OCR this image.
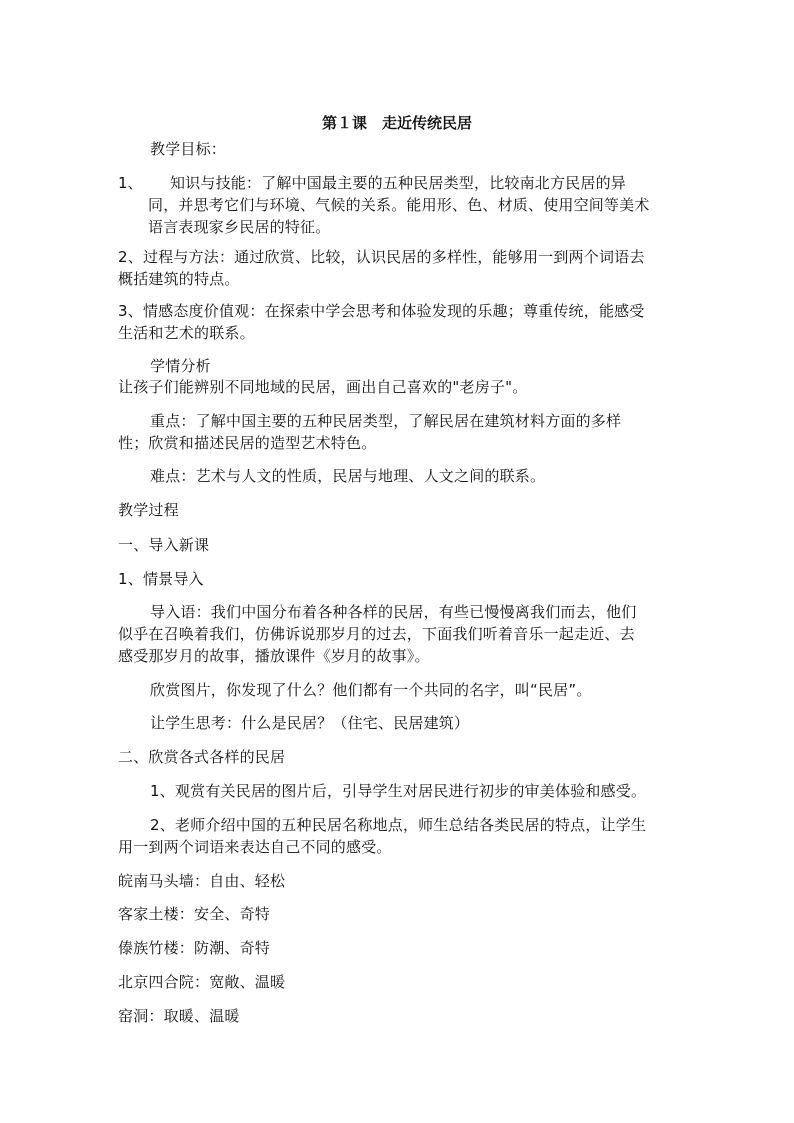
第１课　走近传统民居
教学目标：
1、 知识与技能：了解中国最主要的五种民居类型，比较南北方民居的异
同，并思考它们与环境、气候的关系。能用形、色、材质、使用空间等美术
语言表现家乡民居的特征。
2、过程与方法：通过欣赏、比较，认识民居的多样性，能够用一到两个词语去
概括建筑的特点。
3、情感态度价值观：在探索中学会思考和体验发现的乐趣；尊重传统，能感受
生活和艺术的联系。
学情分析
让孩子们能辨别不同地域的民居，画出自己喜欢的"老房子"。
重点：了解中国主要的五种民居类型，了解民居在建筑材料方面的多样
性；欣赏和描述民居的造型艺术特色。
难点：艺术与人文的性质，民居与地理、人文之间的联系。
教学过程
一、导入新课
1、情景导入
导入语：我们中国分布着各种各样的民居，有些已慢慢离我们而去，他们
似乎在召唤着我们，仿佛诉说那岁月的过去，下面我们听着音乐一起走近、去
感受那岁月的故事，播放课件《岁月的故事》。
欣赏图片，你发现了什么？他们都有一个共同的名字，叫“民居”。
让学生思考：什么是民居？（住宅、民居建筑）
二、欣赏各式各样的民居
1、观赏有关民居的图片后，引导学生对居民进行初步的审美体验和感受。
2、老师介绍中国的五种民居名称地点，师生总结各类民居的特点，让学生
用一到两个词语来表达自己不同的感受。
皖南马头墙：自由、轻松
客家土楼：安全、奇特
傣族竹楼：防潮、奇特
北京四合院：宽敞、温暖
窑洞：取暖、温暖
